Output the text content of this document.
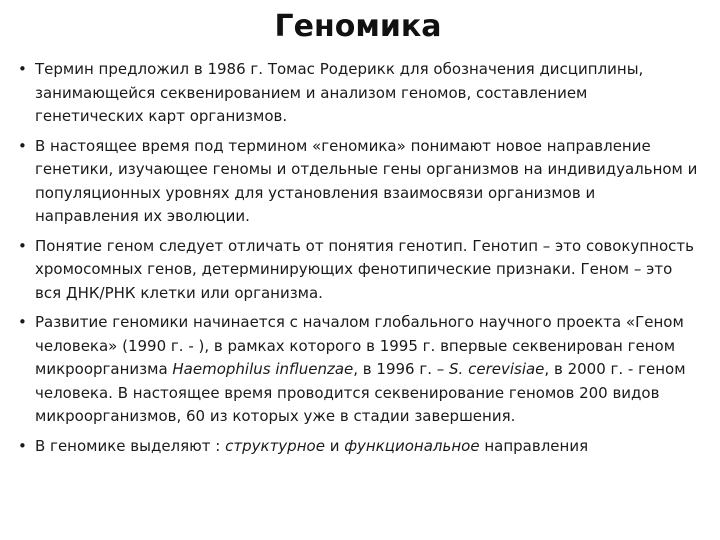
Геномика
• Термин предложил в 1986 г. Томас Родерикк для обозначения дисциплины, занимающейся секвенированием и анализом геномов, составлением генетических карт организмов.
• В настоящее время под термином «геномика» понимают новое направление генетики, изучающее геномы и отдельные гены организмов на индивидуальном и популяционных уровнях для установления взаимосвязи организмов и направления их эволюции.
• Понятие геном следует отличать от понятия генотип. Генотип – это совокупность хромосомных генов, детерминирующих фенотипические признаки. Геном – это вся ДНК/РНК клетки или организма.
• Развитие геномики начинается с началом глобального научного проекта «Геном человека» (1990 г. - ), в рамках которого в 1995 г. впервые секвенирован геном микроорганизма Haemophilus influenzae, в 1996 г. – S. cerevisiae, в 2000 г. - геном человека. В настоящее время проводится секвенирование геномов 200 видов микроорганизмов, 60 из которых уже в стадии завершения.
• В геномике выделяют : структурное и функциональное направления
